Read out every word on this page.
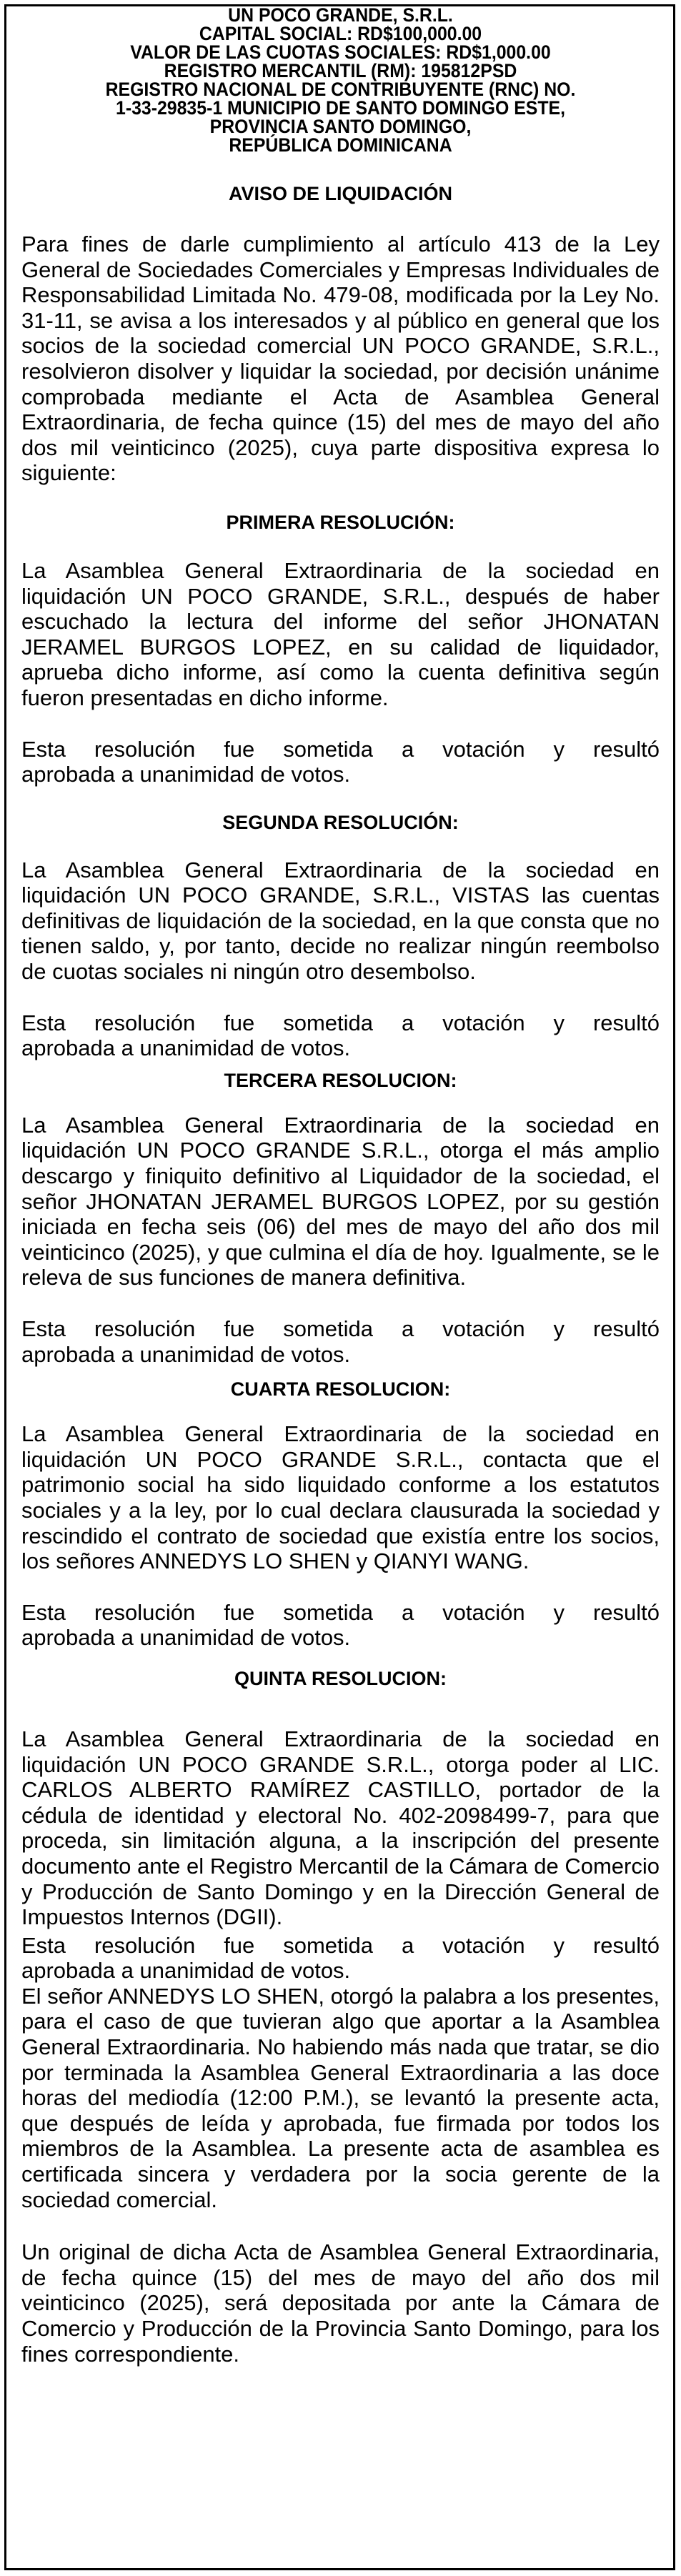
UN POCO GRANDE, S.R.L.
CAPITAL SOCIAL: RD$100,000.00
VALOR DE LAS CUOTAS SOCIALES: RD$1,000.00
REGISTRO MERCANTIL (RM): 195812PSD
REGISTRO NACIONAL DE CONTRIBUYENTE (RNC) NO.
1-33-29835-1 MUNICIPIO DE SANTO DOMINGO ESTE,
PROVINCIA SANTO DOMINGO,
REPÚBLICA DOMINICANA
AVISO DE LIQUIDACIÓN

Para fines de darle cumplimiento al artículo 413 de la Ley General de Sociedades Comerciales y Empresas Individuales de Responsabilidad Limitada No. 479-08, modificada por la Ley No. 31-11, se avisa a los interesados y al público en general que los socios de la sociedad comercial UN POCO GRANDE, S.R.L., resolvieron disolver y liquidar la sociedad, por decisión unánime comprobada mediante el Acta de Asamblea General Extraordinaria, de fecha quince (15) del mes de mayo del año dos mil veinticinco (2025), cuya parte dispositiva expresa lo siguiente:

PRIMERA RESOLUCIÓN:

La Asamblea General Extraordinaria de la sociedad en liquidación UN POCO GRANDE, S.R.L., después de haber escuchado la lectura del informe del señor JHONATAN JERAMEL BURGOS LOPEZ, en su calidad de liquidador, aprueba dicho informe, así como la cuenta definitiva según fueron presentadas en dicho informe.

Esta resolución fue sometida a votación y resultó

aprobada a unanimidad de votos.

SEGUNDA RESOLUCIÓN:

La Asamblea General Extraordinaria de la sociedad en liquidación UN POCO GRANDE, S.R.L., VISTAS las cuentas definitivas de liquidación de la sociedad, en la que consta que no tienen saldo, y, por tanto, decide no realizar ningún reembolso de cuotas sociales ni ningún otro desembolso.

Esta resolución fue sometida a votación y resultó

aprobada a unanimidad de votos.

TERCERA RESOLUCION:

La Asamblea General Extraordinaria de la sociedad en liquidación UN POCO GRANDE S.R.L., otorga el más amplio descargo y finiquito definitivo al Liquidador de la sociedad, el señor JHONATAN JERAMEL BURGOS LOPEZ, por su gestión iniciada en fecha seis (06) del mes de mayo del año dos mil veinticinco (2025), y que culmina el día de hoy. Igualmente, se le releva de sus funciones de manera definitiva.

Esta resolución fue sometida a votación y resultó

aprobada a unanimidad de votos.

CUARTA RESOLUCION:

La Asamblea General Extraordinaria de la sociedad en liquidación UN POCO GRANDE S.R.L., contacta que el patrimonio social ha sido liquidado conforme a los estatutos sociales y a la ley, por lo cual declara clausurada la sociedad y rescindido el contrato de sociedad que existía entre los socios, los señores ANNEDYS LO SHEN y QIANYI WANG.

Esta resolución fue sometida a votación y resultó

aprobada a unanimidad de votos.

QUINTA RESOLUCION:

La Asamblea General Extraordinaria de la sociedad en liquidación UN POCO GRANDE S.R.L., otorga poder al LIC. CARLOS ALBERTO RAMÍREZ CASTILLO, portador de la cédula de identidad y electoral No. 402-2098499-7, para que proceda, sin limitación alguna, a la inscripción del presente documento ante el Registro Mercantil de la Cámara de Comercio y Producción de Santo Domingo y en la Dirección General de Impuestos Internos (DGII).

Esta resolución fue sometida a votación y resultó

aprobada a unanimidad de votos.

El señor ANNEDYS LO SHEN, otorgó la palabra a los presentes, para el caso de que tuvieran algo que aportar a la Asamblea General Extraordinaria. No habiendo más nada que tratar, se dio por terminada la Asamblea General Extraordinaria a las doce horas del mediodía (12:00 P.M.), se levantó la presente acta, que después de leída y aprobada, fue firmada por todos los miembros de la Asamblea. La presente acta de asamblea es certificada sincera y verdadera por la socia gerente de la sociedad comercial.

Un original de dicha Acta de Asamblea General Extraordinaria, de fecha quince (15) del mes de mayo del año dos mil veinticinco (2025), será depositada por ante la Cámara de Comercio y Producción de la Provincia Santo Domingo, para los fines correspondiente.
